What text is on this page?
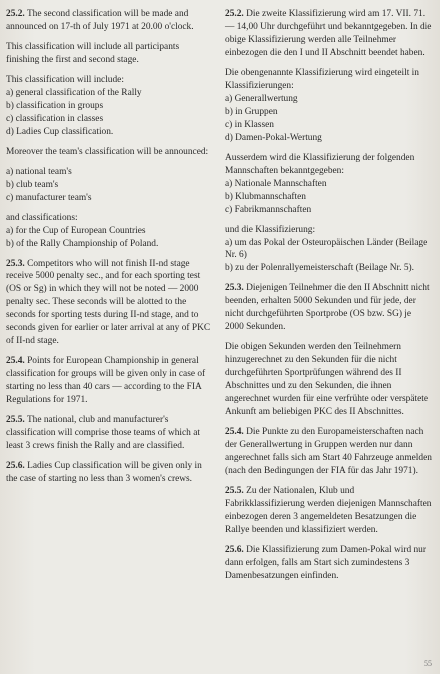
25.2. The second classification will be made and announced on 17-th of July 1971 at 20.00 o'clock.

This classification will include all participants finishing the first and second stage.

This classification will include:
a) general classification of the Rally
b) classification in groups
c) classification in classes
d) Ladies Cup classification.

Moreover the team's classification will be announced:

a) national team's
b) club team's
c) manufacturer team's
and classifications:
a) for the Cup of European Countries
b) of the Rally Championship of Poland.

25.3. Competitors who will not finish II-nd stage receive 5000 penalty sec., and for each sporting test (OS or Sg) in which they will not be noted — 2000 penalty sec. These seconds will be alotted to the seconds for sporting tests during II-nd stage, and to seconds given for earlier or later arrival at any of PKC of II-nd stage.

25.4. Points for European Championship in general classification for groups will be given only in case of starting no less than 40 cars — according to the FIA Regulations for 1971.

25.5. The national, club and manufacturer's classification will comprise those teams of which at least 3 crews finish the Rally and are classified.

25.6. Ladies Cup classification will be given only in the case of starting no less than 3 women's crews.

25.2. Die zweite Klassifizierung wird am 17. VII. 71. — 14,00 Uhr durchgeführt und bekanntgegeben. In die obige Klassifizierung werden alle Teilnehmer einbezogen die den I und II Abschnitt beendet haben.

Die obengenannte Klassifizierung wird eingeteilt in Klassifizierungen:
a) Generallwertung
b) in Gruppen
c) in Klassen
d) Damen-Pokal-Wertung
Ausserdem wird die Klassifizierung der folgenden Mannschaften bekanntgegeben:
a) Nationale Mannschaften
b) Klubmannschaften
c) Fabrikmannschaften
und die Klassifizierung:
a) um das Pokal der Osteuropäischen Länder (Beilage Nr. 6)
b) zu der Polenrallyemeisterschaft (Beilage Nr. 5).

25.3. Diejenigen Teilnehmer die den II Abschnitt nicht beenden, erhalten 5000 Sekunden und für jede, der nicht durchgeführten Sportprobe (OS bzw. SG) je 2000 Sekunden.

Die obigen Sekunden werden den Teilnehmern hinzugerechnet zu den Sekunden für die nicht durchgeführten Sportprüfungen während des II Abschnittes und zu den Sekunden, die ihnen angerechnet wurden für eine verfrühte oder verspätete Ankunft am beliebigen PKC des II Abschnittes.

25.4. Die Punkte zu den Europameisterschaften nach der Generallwertung in Gruppen werden nur dann angerechnet falls sich am Start 40 Fahrzeuge anmelden (nach den Bedingungen der FIA für das Jahr 1971).

25.5. Zu der Nationalen, Klub und Fabrikklassifizierung werden diejenigen Mannschaften einbezogen deren 3 angemeldeten Besatzungen die Rallye beenden und klassifiziert werden.

25.6. Die Klassifizierung zum Damen-Pokal wird nur dann erfolgen, falls am Start sich zumindestens 3 Damenbesatzungen einfinden.

55
